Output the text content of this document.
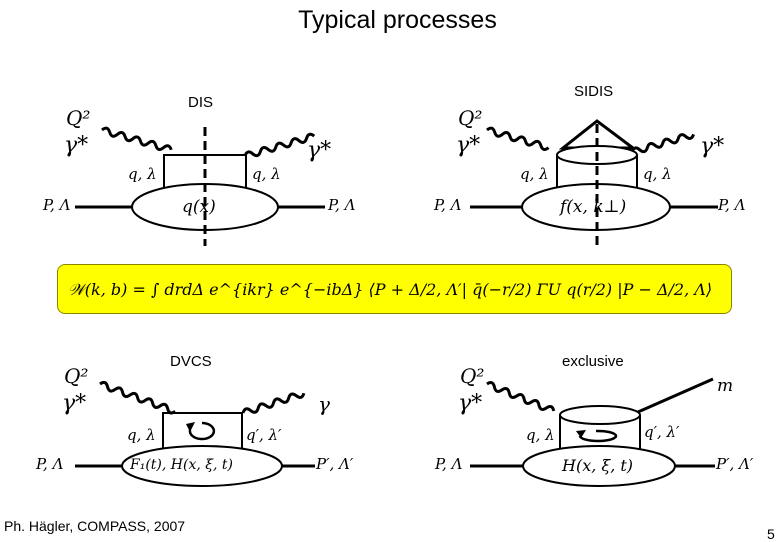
Typical processes
DIS
Q²
γ*	γ*
q, λ	q, λ
P, Λ	P, Λ
q(x)
SIDIS
Q²
γ*	γ*
q, λ	q, λ
P, Λ	P, Λ
f(x, k⊥)
𝒲(k, b) = ∫ drdΔ e^{ikr} e^{−ibΔ} ⟨P + Δ/2, Λ′| q̄(−r/2) ΓU q(r/2) |P − Δ/2, Λ⟩
DVCS
Q²
γ*	γ
q, λ	q′, λ′
P, Λ	P′, Λ′
F₁(t), H(x, ξ, t)
exclusive
Q²
γ*
m
q, λ	q′, λ′
P, Λ	P′, Λ′
H(x, ξ, t)
Ph. Hägler, COMPASS, 2007	5
